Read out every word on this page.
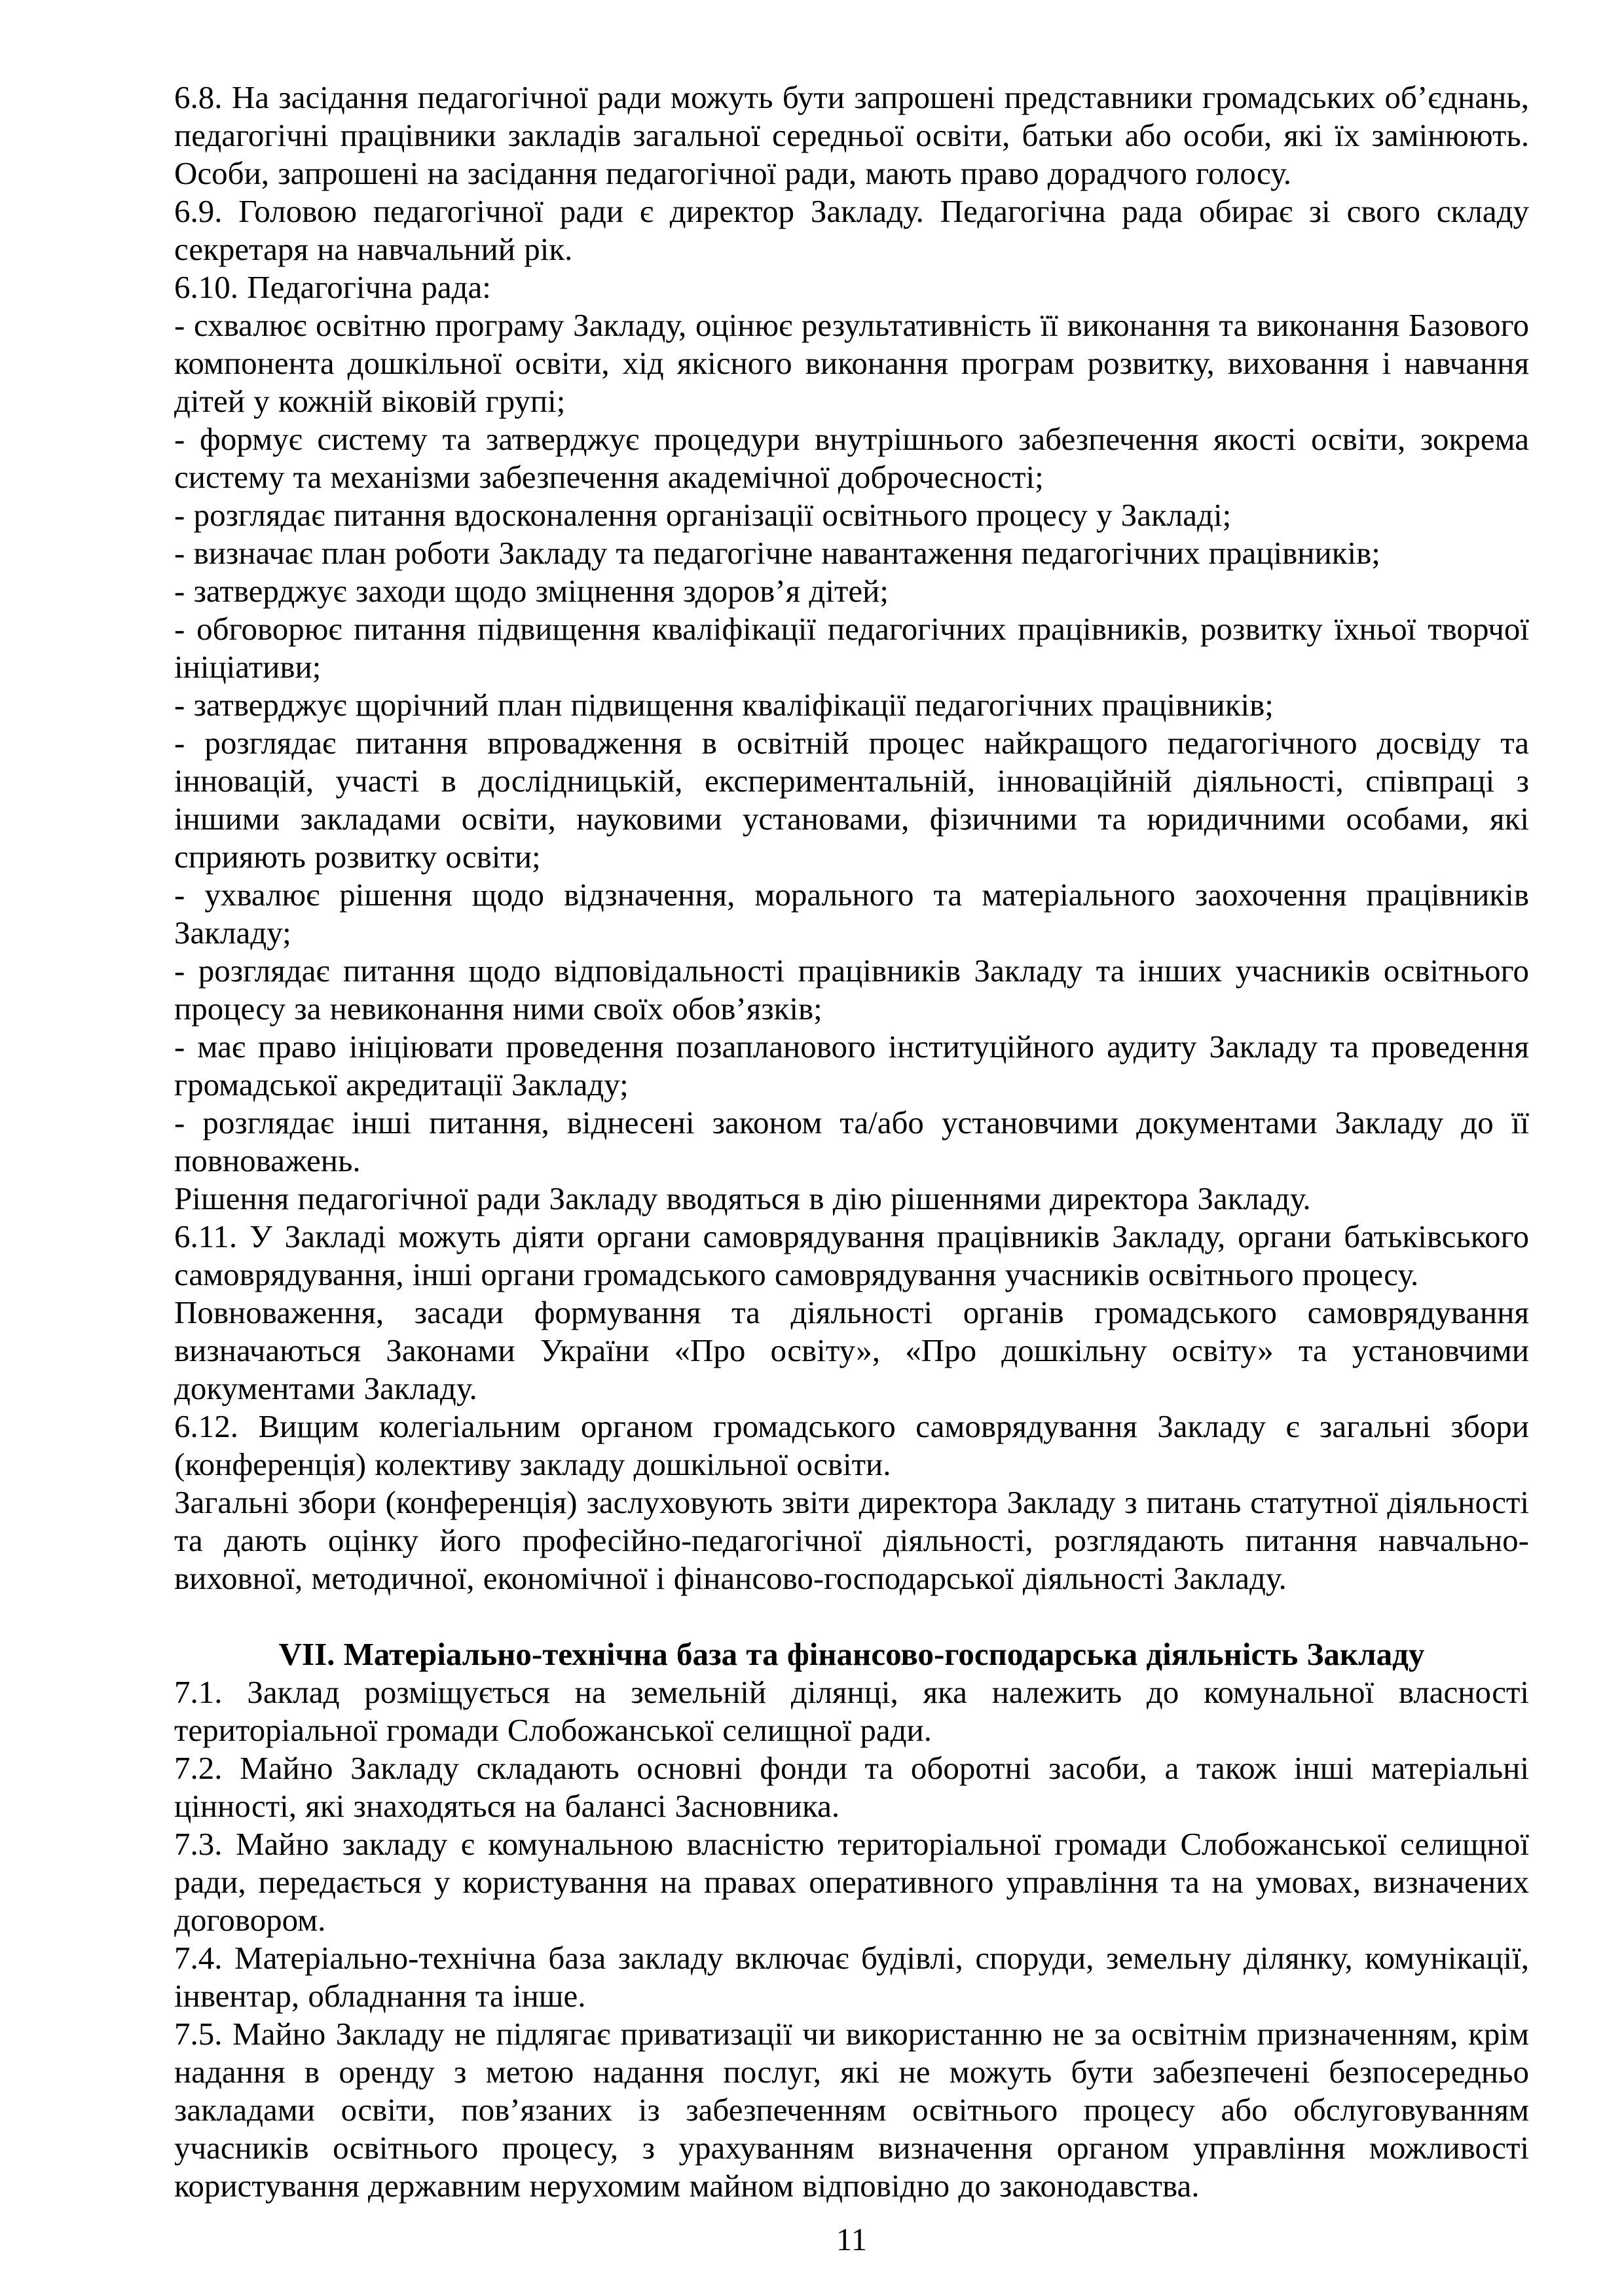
6.8. На засідання педагогічної ради можуть бути запрошені представники громадських об’єднань, педагогічні працівники закладів загальної середньої освіти, батьки або особи, які їх замінюють. Особи, запрошені на засідання педагогічної ради, мають право дорадчого голосу.

6.9. Головою педагогічної ради є директор Закладу. Педагогічна рада обирає зі свого складу секретаря на навчальний рік.

6.10. Педагогічна рада:

- схвалює освітню програму Закладу, оцінює результативність її виконання та виконання Базового компонента дошкільної освіти, хід якісного виконання програм розвитку, виховання і навчання дітей у кожній віковій групі;

- формує систему та затверджує процедури внутрішнього забезпечення якості освіти, зокрема систему та механізми забезпечення академічної доброчесності;

- розглядає питання вдосконалення організації освітнього процесу у Закладі;

- визначає план роботи Закладу та педагогічне навантаження педагогічних працівників;

- затверджує заходи щодо зміцнення здоров’я дітей;

- обговорює питання підвищення кваліфікації педагогічних працівників, розвитку їхньої творчої ініціативи;

- затверджує щорічний план підвищення кваліфікації педагогічних працівників;

- розглядає питання впровадження в освітній процес найкращого педагогічного досвіду та інновацій, участі в дослідницькій, експериментальній, інноваційній діяльності, співпраці з іншими закладами освіти, науковими установами, фізичними та юридичними особами, які сприяють розвитку освіти;

- ухвалює рішення щодо відзначення, морального та матеріального заохочення працівників Закладу;

- розглядає питання щодо відповідальності працівників Закладу та інших учасників освітнього процесу за невиконання ними своїх обов’язків;

- має право ініціювати проведення позапланового інституційного аудиту Закладу та проведення громадської акредитації Закладу;

- розглядає інші питання, віднесені законом та/або установчими документами Закладу до її повноважень.

Рішення педагогічної ради Закладу вводяться в дію рішеннями директора Закладу.

6.11. У Закладі можуть діяти органи самоврядування працівників Закладу, органи батьківського самоврядування, інші органи громадського самоврядування учасників освітнього процесу.

Повноваження, засади формування та діяльності органів громадського самоврядування визначаються Законами України «Про освіту», «Про дошкільну освіту» та установчими документами Закладу.

6.12. Вищим колегіальним органом громадського самоврядування Закладу є загальні збори (конференція) колективу закладу дошкільної освіти.

Загальні збори (конференція) заслуховують звіти директора Закладу з питань статутної діяльності та дають оцінку його професійно-педагогічної діяльності, розглядають питання навчально-виховної, методичної, економічної і фінансово-господарської діяльності Закладу.

VII. Матеріально-технічна база та фінансово-господарська діяльність Закладу

7.1. Заклад розміщується на земельній ділянці, яка належить до комунальної власності територіальної громади Слобожанської селищної ради.

7.2. Майно Закладу складають основні фонди та оборотні засоби, а також інші матеріальні цінності, які знаходяться на балансі Засновника.

7.3. Майно закладу є комунальною власністю територіальної громади Слобожанської селищної ради, передається у користування на правах оперативного управління та на умовах, визначених договором.

7.4. Матеріально-технічна база закладу включає будівлі, споруди, земельну ділянку, комунікації, інвентар, обладнання та інше.

7.5. Майно Закладу не підлягає приватизації чи використанню не за освітнім призначенням, крім надання в оренду з метою надання послуг, які не можуть бути забезпечені безпосередньо закладами освіти, пов’язаних із забезпеченням освітнього процесу або обслуговуванням учасників освітнього процесу, з урахуванням визначення органом управління можливості користування державним нерухомим майном відповідно до законодавства.

11
